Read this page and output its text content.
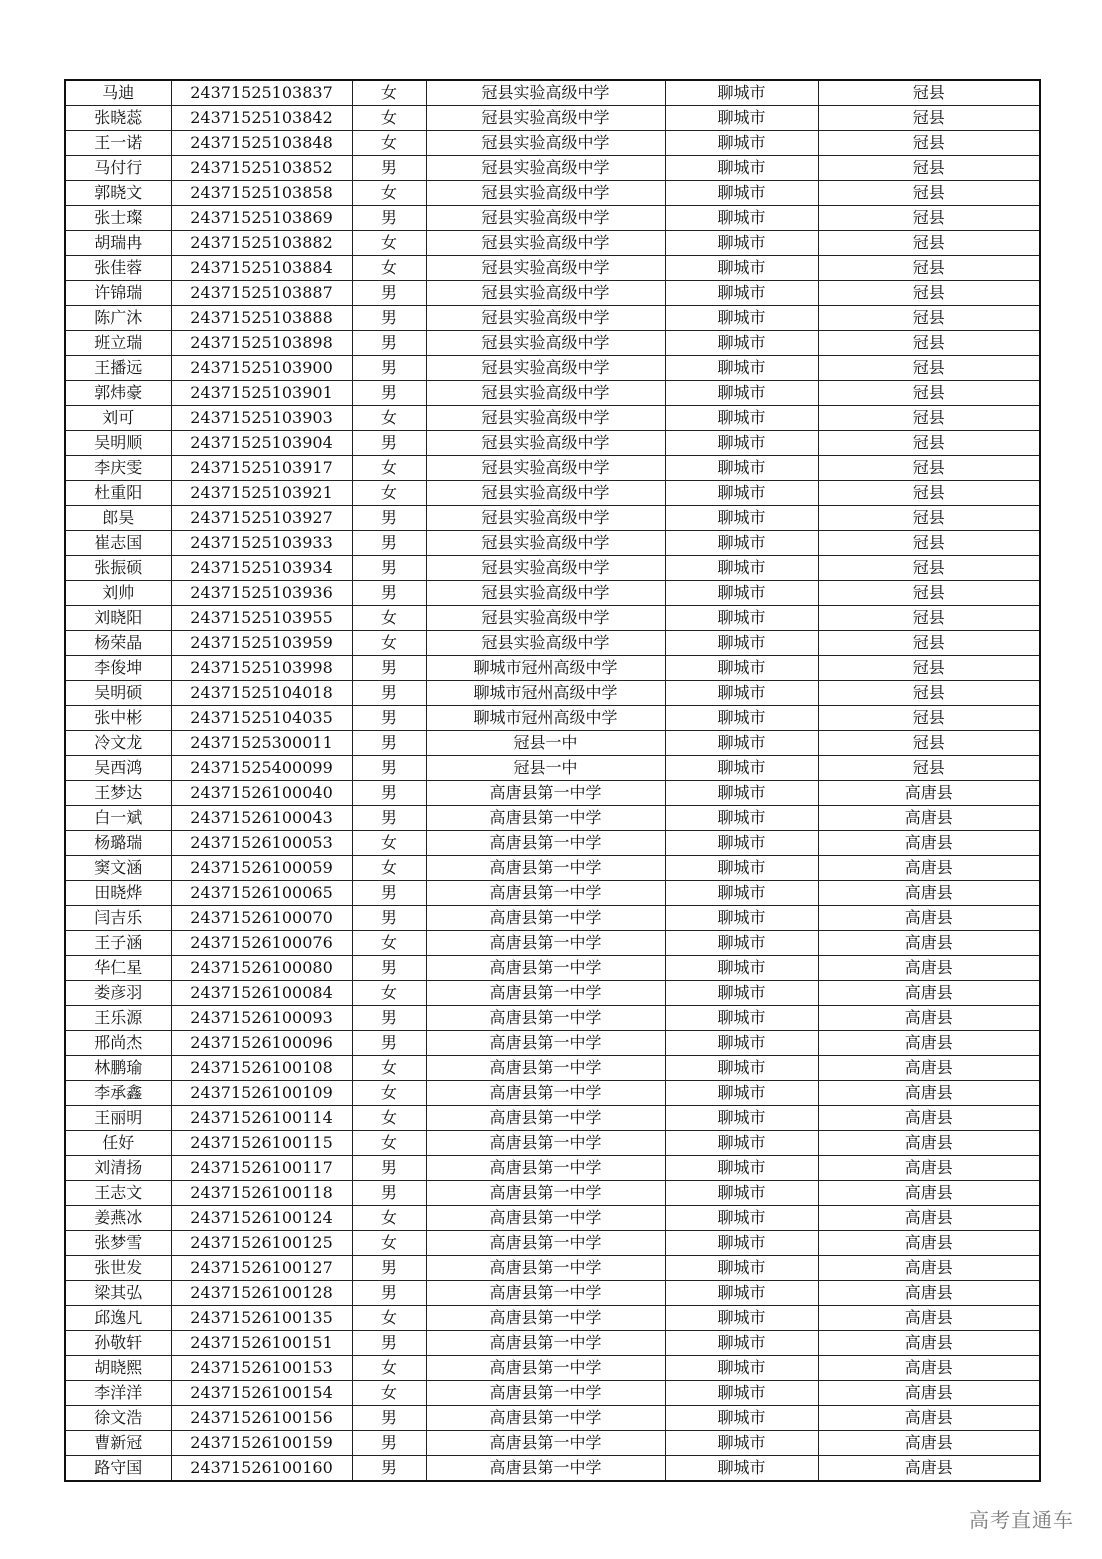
马迪	24371525103837	女	冠县实验高级中学	聊城市	冠县
张晓蕊	24371525103842	女	冠县实验高级中学	聊城市	冠县
王一诺	24371525103848	女	冠县实验高级中学	聊城市	冠县
马付行	24371525103852	男	冠县实验高级中学	聊城市	冠县
郭晓文	24371525103858	女	冠县实验高级中学	聊城市	冠县
张士璨	24371525103869	男	冠县实验高级中学	聊城市	冠县
胡瑞冉	24371525103882	女	冠县实验高级中学	聊城市	冠县
张佳蓉	24371525103884	女	冠县实验高级中学	聊城市	冠县
许锦瑞	24371525103887	男	冠县实验高级中学	聊城市	冠县
陈广沐	24371525103888	男	冠县实验高级中学	聊城市	冠县
班立瑞	24371525103898	男	冠县实验高级中学	聊城市	冠县
王播远	24371525103900	男	冠县实验高级中学	聊城市	冠县
郭炜豪	24371525103901	男	冠县实验高级中学	聊城市	冠县
刘可	24371525103903	女	冠县实验高级中学	聊城市	冠县
吴明顺	24371525103904	男	冠县实验高级中学	聊城市	冠县
李庆雯	24371525103917	女	冠县实验高级中学	聊城市	冠县
杜重阳	24371525103921	女	冠县实验高级中学	聊城市	冠县
郎昊	24371525103927	男	冠县实验高级中学	聊城市	冠县
崔志国	24371525103933	男	冠县实验高级中学	聊城市	冠县
张振硕	24371525103934	男	冠县实验高级中学	聊城市	冠县
刘帅	24371525103936	男	冠县实验高级中学	聊城市	冠县
刘晓阳	24371525103955	女	冠县实验高级中学	聊城市	冠县
杨荣晶	24371525103959	女	冠县实验高级中学	聊城市	冠县
李俊坤	24371525103998	男	聊城市冠州高级中学	聊城市	冠县
吴明硕	24371525104018	男	聊城市冠州高级中学	聊城市	冠县
张中彬	24371525104035	男	聊城市冠州高级中学	聊城市	冠县
冷文龙	24371525300011	男	冠县一中	聊城市	冠县
吴西鸿	24371525400099	男	冠县一中	聊城市	冠县
王梦达	24371526100040	男	高唐县第一中学	聊城市	高唐县
白一斌	24371526100043	男	高唐县第一中学	聊城市	高唐县
杨璐瑞	24371526100053	女	高唐县第一中学	聊城市	高唐县
窦文涵	24371526100059	女	高唐县第一中学	聊城市	高唐县
田晓烨	24371526100065	男	高唐县第一中学	聊城市	高唐县
闫吉乐	24371526100070	男	高唐县第一中学	聊城市	高唐县
王子涵	24371526100076	女	高唐县第一中学	聊城市	高唐县
华仁星	24371526100080	男	高唐县第一中学	聊城市	高唐县
娄彦羽	24371526100084	女	高唐县第一中学	聊城市	高唐县
王乐源	24371526100093	男	高唐县第一中学	聊城市	高唐县
邢尚杰	24371526100096	男	高唐县第一中学	聊城市	高唐县
林鹏瑜	24371526100108	女	高唐县第一中学	聊城市	高唐县
李承鑫	24371526100109	女	高唐县第一中学	聊城市	高唐县
王丽明	24371526100114	女	高唐县第一中学	聊城市	高唐县
任好	24371526100115	女	高唐县第一中学	聊城市	高唐县
刘清扬	24371526100117	男	高唐县第一中学	聊城市	高唐县
王志文	24371526100118	男	高唐县第一中学	聊城市	高唐县
姜燕冰	24371526100124	女	高唐县第一中学	聊城市	高唐县
张梦雪	24371526100125	女	高唐县第一中学	聊城市	高唐县
张世发	24371526100127	男	高唐县第一中学	聊城市	高唐县
梁其弘	24371526100128	男	高唐县第一中学	聊城市	高唐县
邱逸凡	24371526100135	女	高唐县第一中学	聊城市	高唐县
孙敬轩	24371526100151	男	高唐县第一中学	聊城市	高唐县
胡晓熙	24371526100153	女	高唐县第一中学	聊城市	高唐县
李洋洋	24371526100154	女	高唐县第一中学	聊城市	高唐县
徐文浩	24371526100156	男	高唐县第一中学	聊城市	高唐县
曹新冠	24371526100159	男	高唐县第一中学	聊城市	高唐县
路守国	24371526100160	男	高唐县第一中学	聊城市	高唐县
高考直通车
